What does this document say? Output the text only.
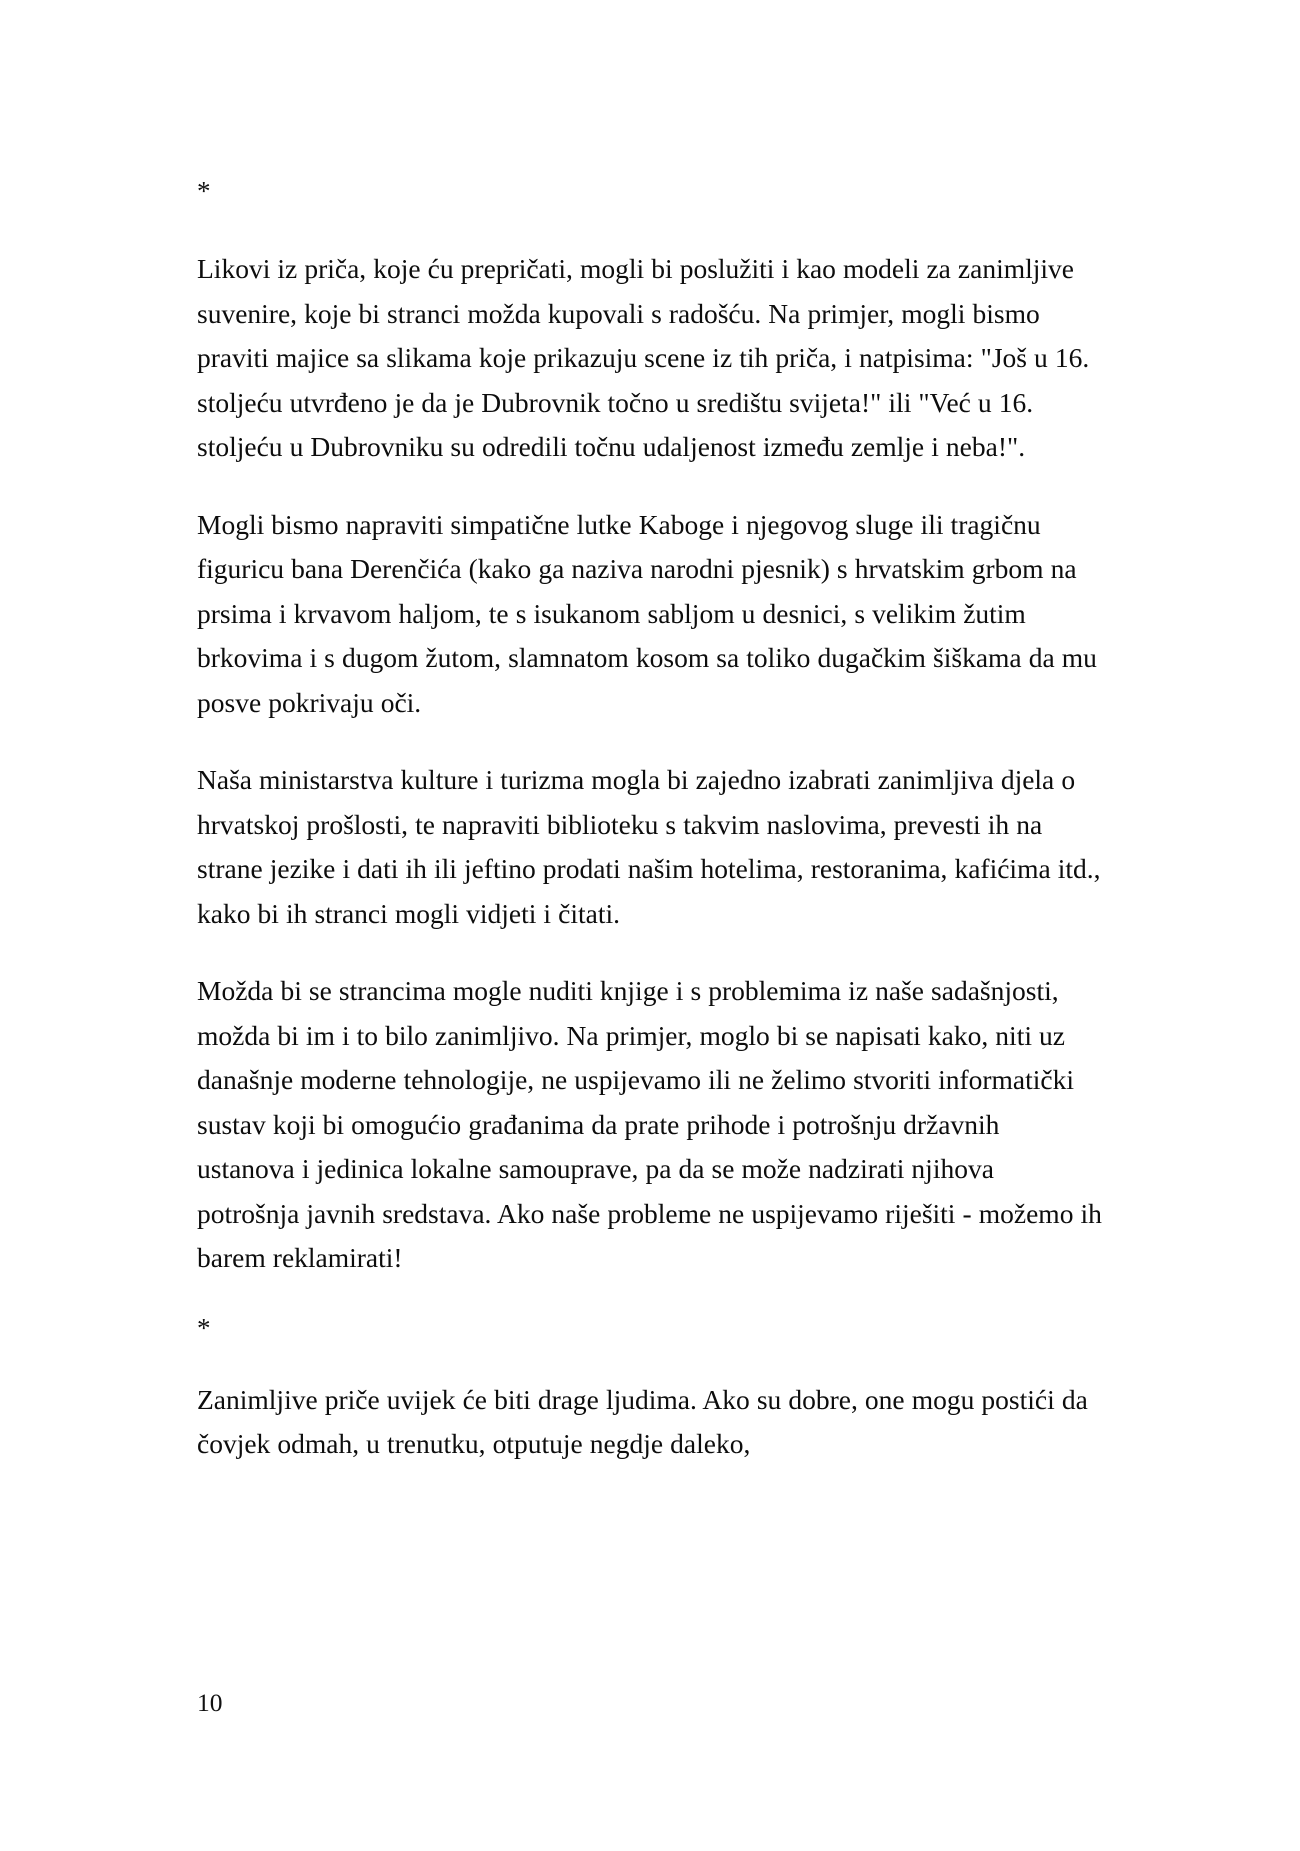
*

Likovi iz priča, koje ću prepričati, mogli bi poslužiti i kao modeli za zanimljive suvenire, koje bi stranci možda kupovali s radošću. Na primjer, mogli bismo praviti majice sa slikama koje prikazuju scene iz tih priča, i natpisima: "Još u 16. stoljeću utvrđeno je da je Dubrovnik točno u središtu svijeta!" ili "Već u 16. stoljeću u Dubrovniku su odredili točnu udaljenost između zemlje i neba!".

Mogli bismo napraviti simpatične lutke Kaboge i njegovog sluge ili tragičnu figuricu bana Derenčića (kako ga naziva narodni pjesnik) s hrvatskim grbom na prsima i krvavom haljom, te s isukanom sabljom u desnici, s velikim žutim brkovima i s dugom žutom, slamnatom kosom sa toliko dugačkim šiškama da mu posve pokrivaju oči.

Naša ministarstva kulture i turizma mogla bi zajedno izabrati zanimljiva djela o hrvatskoj prošlosti, te napraviti biblioteku s takvim naslovima, prevesti ih na strane jezike i dati ih ili jeftino prodati našim hotelima, restoranima, kafićima itd., kako bi ih stranci mogli vidjeti i čitati.

Možda bi se strancima mogle nuditi knjige i s problemima iz naše sadašnjosti, možda bi im i to bilo zanimljivo. Na primjer, moglo bi se napisati kako, niti uz današnje moderne tehnologije, ne uspijevamo ili ne želimo stvoriti informatički sustav koji bi omogućio građanima da prate prihode i potrošnju državnih ustanova i jedinica lokalne samouprave, pa da se može nadzirati njihova potrošnja javnih sredstava. Ako naše probleme ne uspijevamo riješiti - možemo ih barem reklamirati!

*

Zanimljive priče uvijek će biti drage ljudima. Ako su dobre, one mogu postići da čovjek odmah, u trenutku, otputuje negdje daleko,

10
